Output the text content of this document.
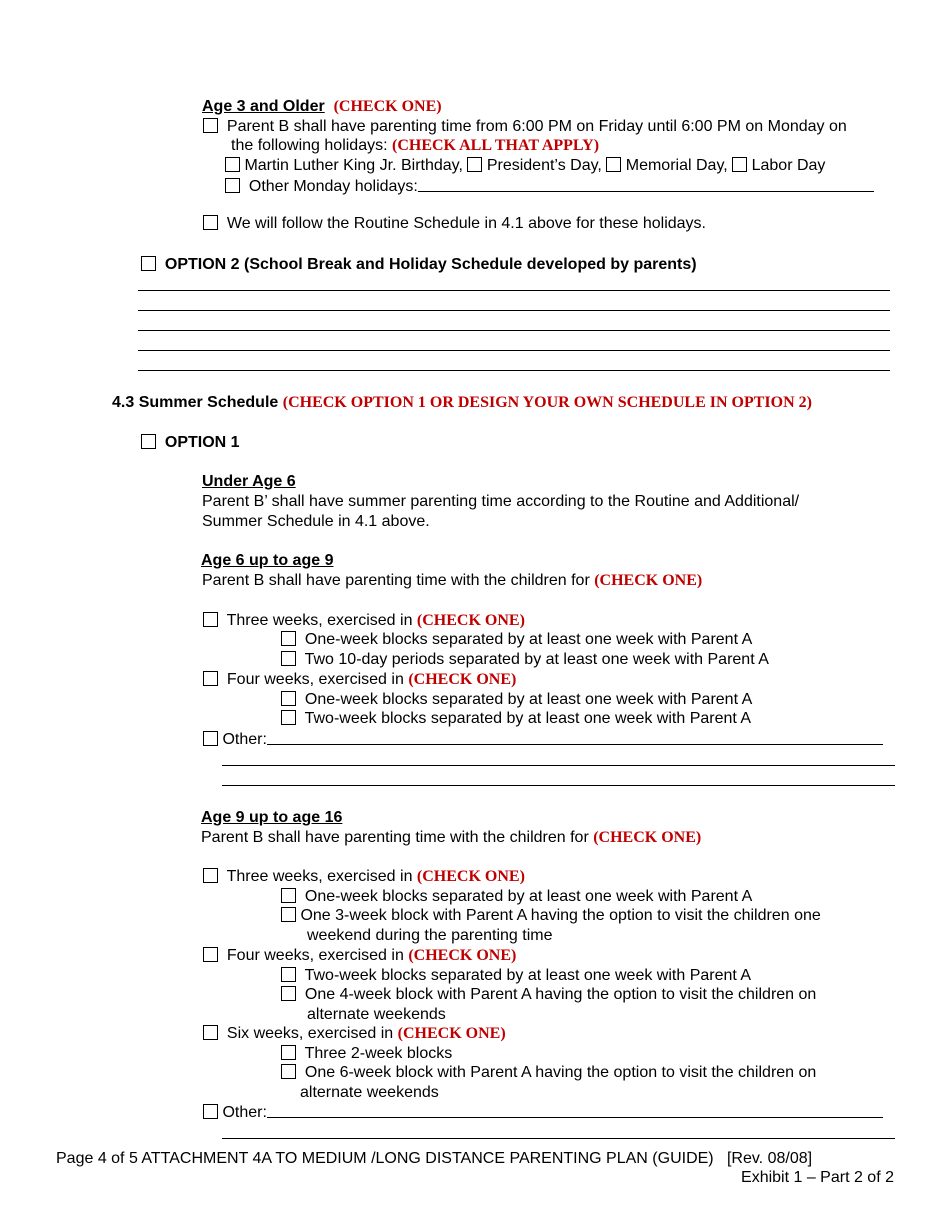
Age 3 and Older (CHECK ONE)
Parent B shall have parenting time from 6:00 PM on Friday until 6:00 PM on Monday on
the following holidays: (CHECK ALL THAT APPLY)
Martin Luther King Jr. Birthday, President’s Day, Memorial Day, Labor Day
Other Monday holidays:
We will follow the Routine Schedule in 4.1 above for these holidays.
OPTION 2 (School Break and Holiday Schedule developed by parents)
4.3 Summer Schedule (CHECK OPTION 1 OR DESIGN YOUR OWN SCHEDULE IN OPTION 2)
OPTION 1
Under Age 6
Parent B’ shall have summer parenting time according to the Routine and Additional/
Summer Schedule in 4.1 above.
Age 6 up to age 9
Parent B shall have parenting time with the children for (CHECK ONE)
Three weeks, exercised in (CHECK ONE)
One-week blocks separated by at least one week with Parent A
Two 10-day periods separated by at least one week with Parent A
Four weeks, exercised in (CHECK ONE)
One-week blocks separated by at least one week with Parent A
Two-week blocks separated by at least one week with Parent A
Other:
Age 9 up to age 16
Parent B shall have parenting time with the children for (CHECK ONE)
Three weeks, exercised in (CHECK ONE)
One-week blocks separated by at least one week with Parent A
One 3-week block with Parent A having the option to visit the children one
weekend during the parenting time
Four weeks, exercised in (CHECK ONE)
Two-week blocks separated by at least one week with Parent A
One 4-week block with Parent A having the option to visit the children on
alternate weekends
Six weeks, exercised in (CHECK ONE)
Three 2-week blocks
One 6-week block with Parent A having the option to visit the children on
alternate weekends
Other:
Page 4 of 5 ATTACHMENT 4A TO MEDIUM /LONG DISTANCE PARENTING PLAN (GUIDE) [Rev. 08/08]
Exhibit 1 – Part 2 of 2
